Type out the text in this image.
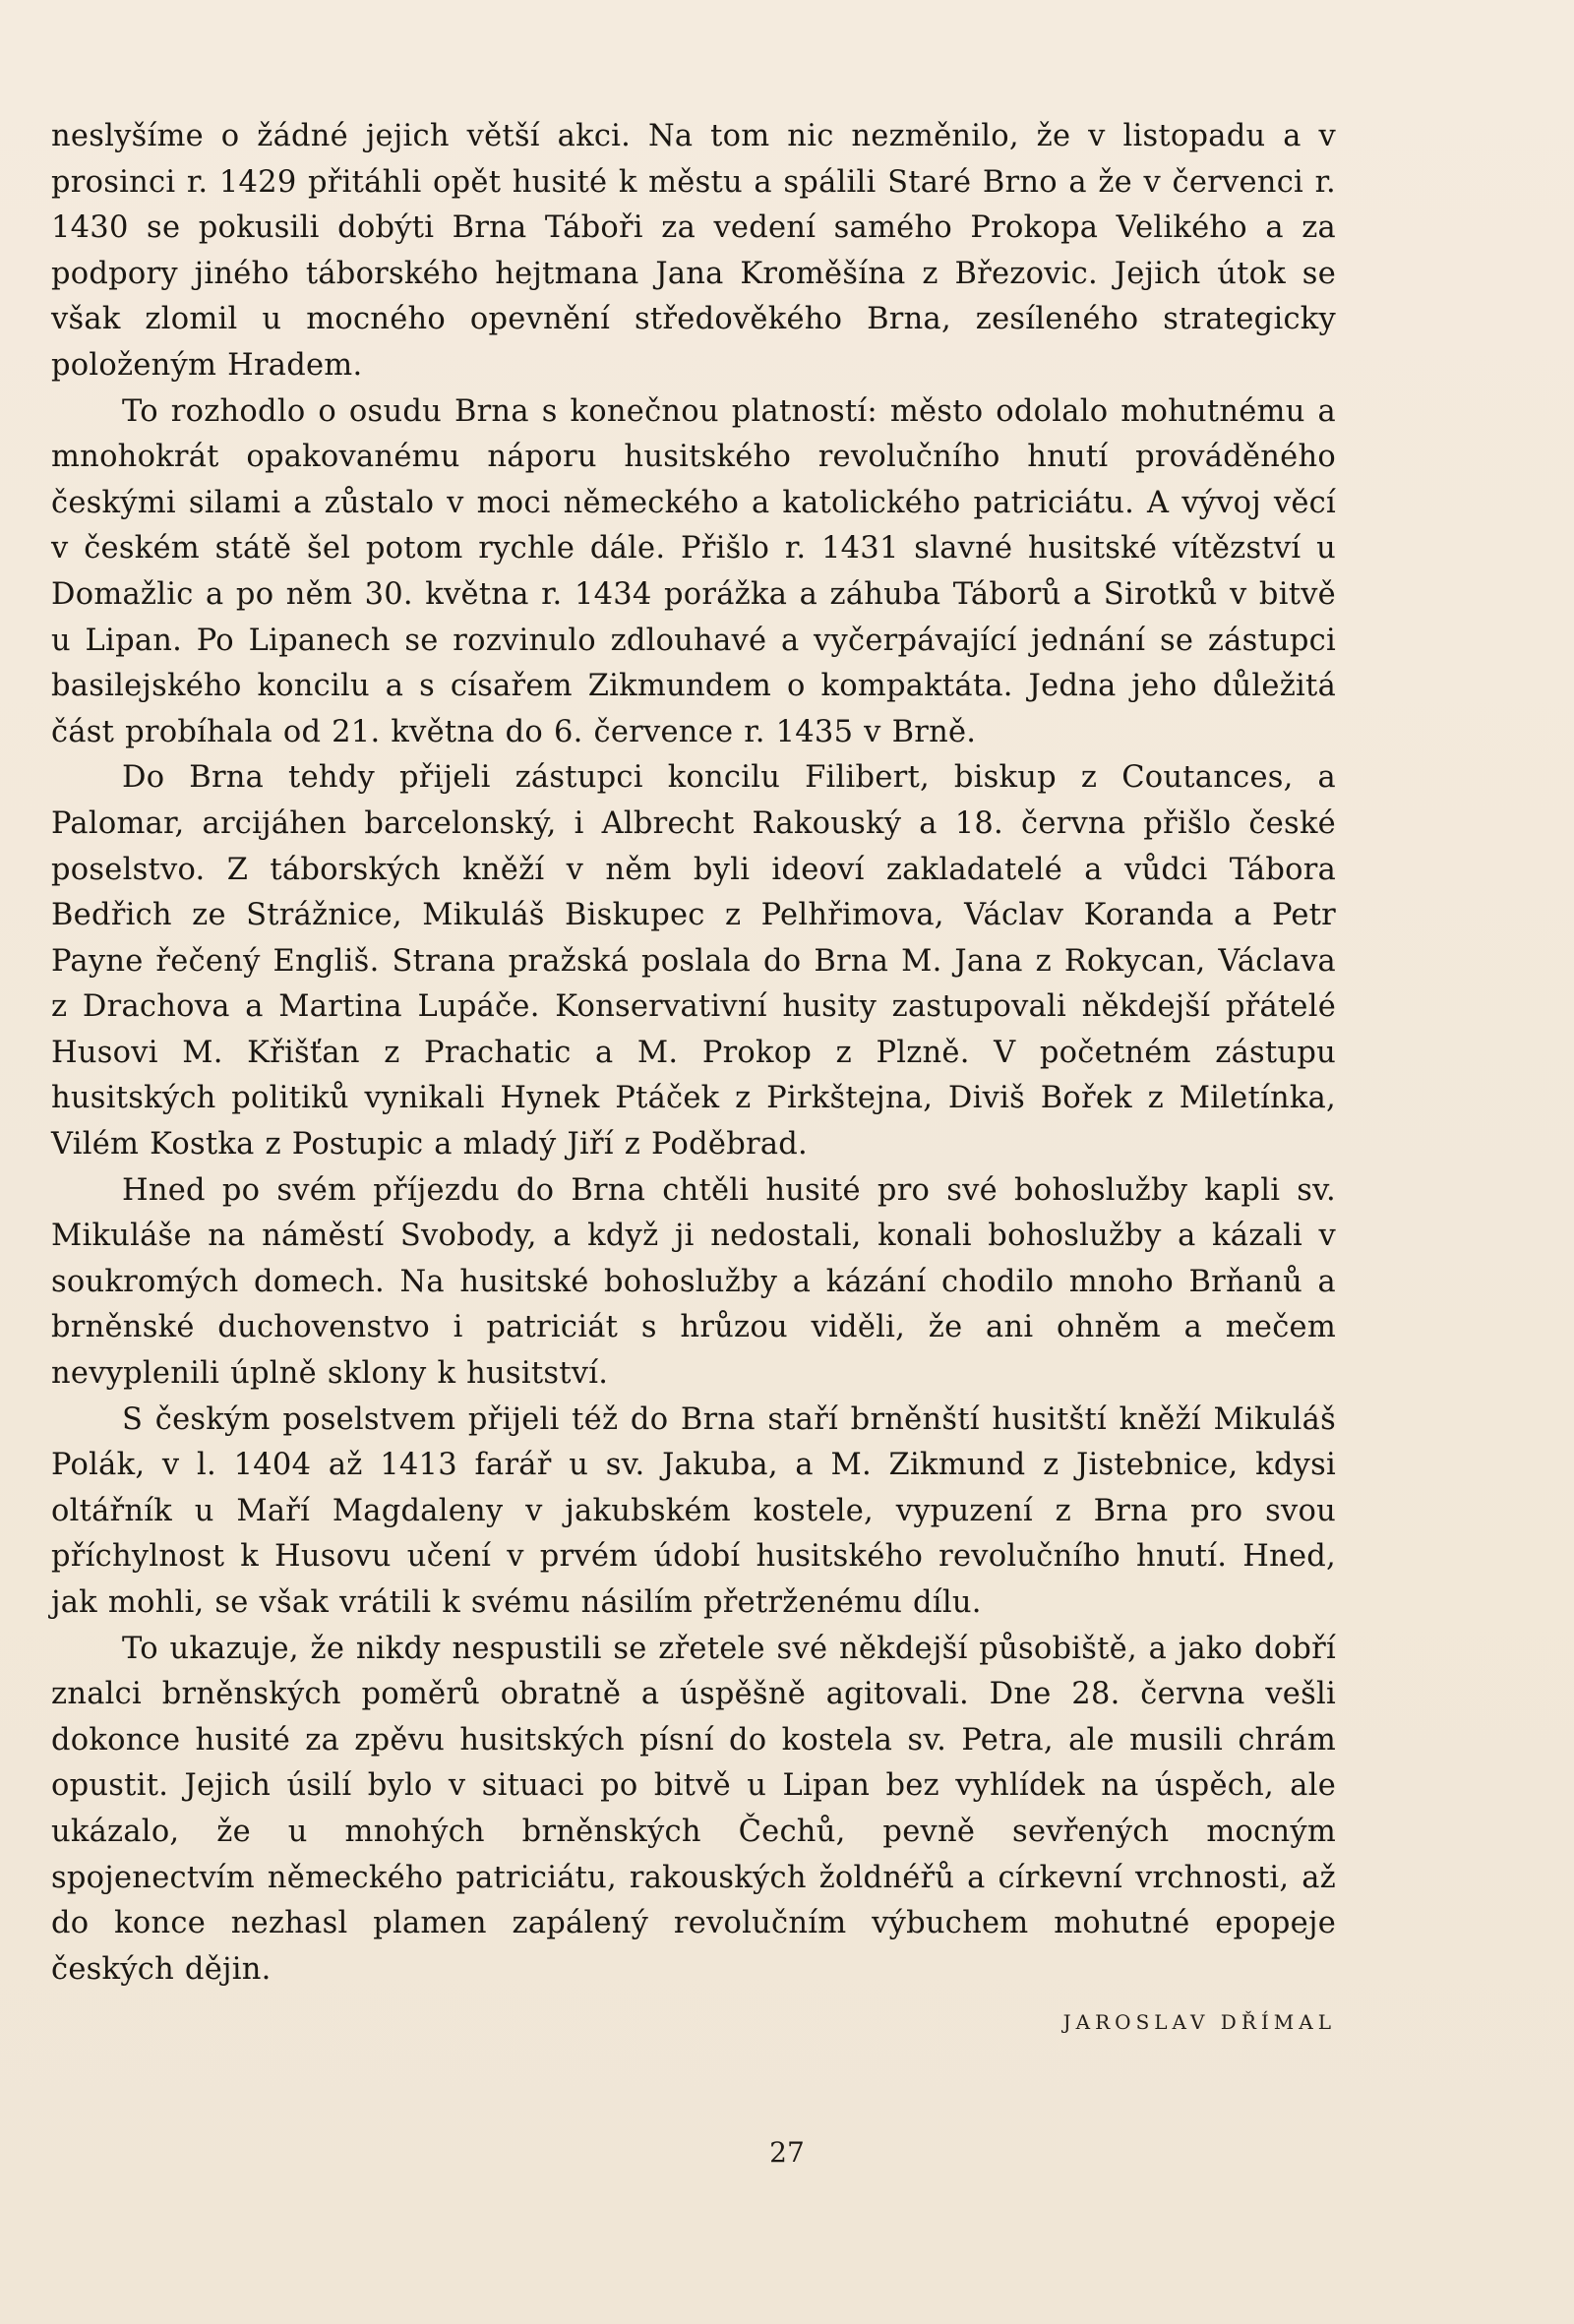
neslyšíme o žádné jejich větší akci. Na tom nic nezměnilo, že v listopadu a v prosinci r. 1429 přitáhli opět husité k městu a spálili Staré Brno a že v červenci r. 1430 se pokusili dobýti Brna Táboři za vedení samého Prokopa Velikého a za podpory jiného táborského hejtmana Jana Kroměšína z Březovic. Jejich útok se však zlomil u mocného opevnění středověkého Brna, zesíleného strategicky položeným Hradem.

To rozhodlo o osudu Brna s konečnou platností: město odolalo mohutnému a mnohokrát opakovanému náporu husitského revolučního hnutí prováděného českými silami a zůstalo v moci německého a katolického patriciátu. A vývoj věcí v českém státě šel potom rychle dále. Přišlo r. 1431 slavné husitské vítězství u Domažlic a po něm 30. května r. 1434 porážka a záhuba Táborů a Sirotků v bitvě u Lipan. Po Lipanech se rozvinulo zdlouhavé a vyčerpávající jednání se zástupci basilejského koncilu a s císařem Zikmundem o kompaktáta. Jedna jeho důležitá část probíhala od 21. května do 6. července r. 1435 v Brně.

Do Brna tehdy přijeli zástupci koncilu Filibert, biskup z Coutances, a Palomar, arcijáhen barcelonský, i Albrecht Rakouský a 18. června přišlo české poselstvo. Z táborských kněží v něm byli ideoví zakladatelé a vůdci Tábora Bedřich ze Strážnice, Mikuláš Biskupec z Pelhřimova, Václav Koranda a Petr Payne řečený Engliš. Strana pražská poslala do Brna M. Jana z Rokycan, Václava z Drachova a Martina Lupáče. Konservativní husity zastupovali někdejší přátelé Husovi M. Křišťan z Prachatic a M. Prokop z Plzně. V početném zástupu husitských politiků vynikali Hynek Ptáček z Pirkštejna, Diviš Bořek z Miletínka, Vilém Kostka z Postupic a mladý Jiří z Poděbrad.

Hned po svém příjezdu do Brna chtěli husité pro své bohoslužby kapli sv. Mikuláše na náměstí Svobody, a když ji nedostali, konali bohoslužby a kázali v soukromých domech. Na husitské bohoslužby a kázání chodilo mnoho Brňanů a brněnské duchovenstvo i patriciát s hrůzou viděli, že ani ohněm a mečem nevyplenili úplně sklony k husitství.

S českým poselstvem přijeli též do Brna staří brněnští husitští kněží Mikuláš Polák, v l. 1404 až 1413 farář u sv. Jakuba, a M. Zikmund z Jistebnice, kdysi oltářník u Maří Magdaleny v jakubském kostele, vypuzení z Brna pro svou příchylnost k Husovu učení v prvém údobí husitského revolučního hnutí. Hned, jak mohli, se však vrátili k svému násilím přetrženému dílu.

To ukazuje, že nikdy nespustili se zřetele své někdejší působiště, a jako dobří znalci brněnských poměrů obratně a úspěšně agitovali. Dne 28. června vešli dokonce husité za zpěvu husitských písní do kostela sv. Petra, ale musili chrám opustit. Jejich úsilí bylo v situaci po bitvě u Lipan bez vyhlídek na úspěch, ale ukázalo, že u mnohých brněnských Čechů, pevně sevřených mocným spojenectvím německého patriciátu, rakouských žoldnéřů a církevní vrchnosti, až do konce nezhasl plamen zapálený revolučním výbuchem mohutné epopeje českých dějin.

JAROSLAV DŘÍMAL
27
